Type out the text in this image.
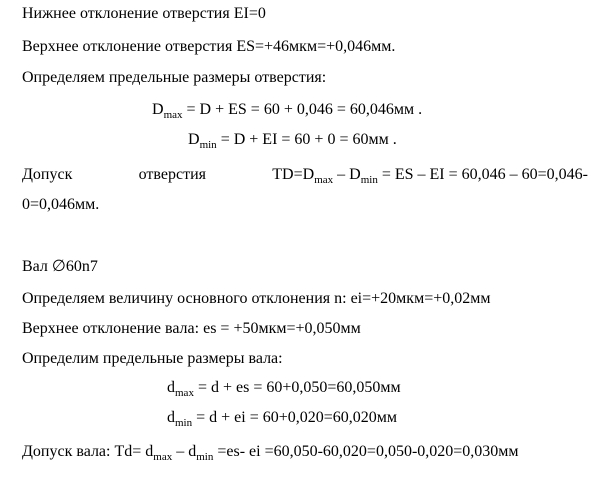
Нижнее отклонение отверстия EI=0
Верхнее отклонение отверстия ES=+46мкм=+0,046мм.
Определяем предельные размеры отверстия:
$D_{max} = D$ + ES = 60 + 0,046 = 60,046мм .
$D_{min} = D$ + EI = 60 + 0 = 60мм .
Допуск	отверстия	$TD=D_{max} - D_{min}$ = ES – EI = 60,046 – 60=0,046-
0=0,046мм.
Вал ∅60n7
Определяем величину основного отклонения n: ei=+20мкм=+0,02мм
Верхнее отклонение вала: es = +50мкм=+0,050мм
Определим предельные размеры вала:
$d_{max} = d$ + es = 60+0,050=60,050мм
$d_{min} = d$ + ei = 60+0,020=60,020мм
Допуск вала: $Td= d_{max} - d_{min} =es-$ ei =60,050-60,020=0,050-0,020=0,030мм
